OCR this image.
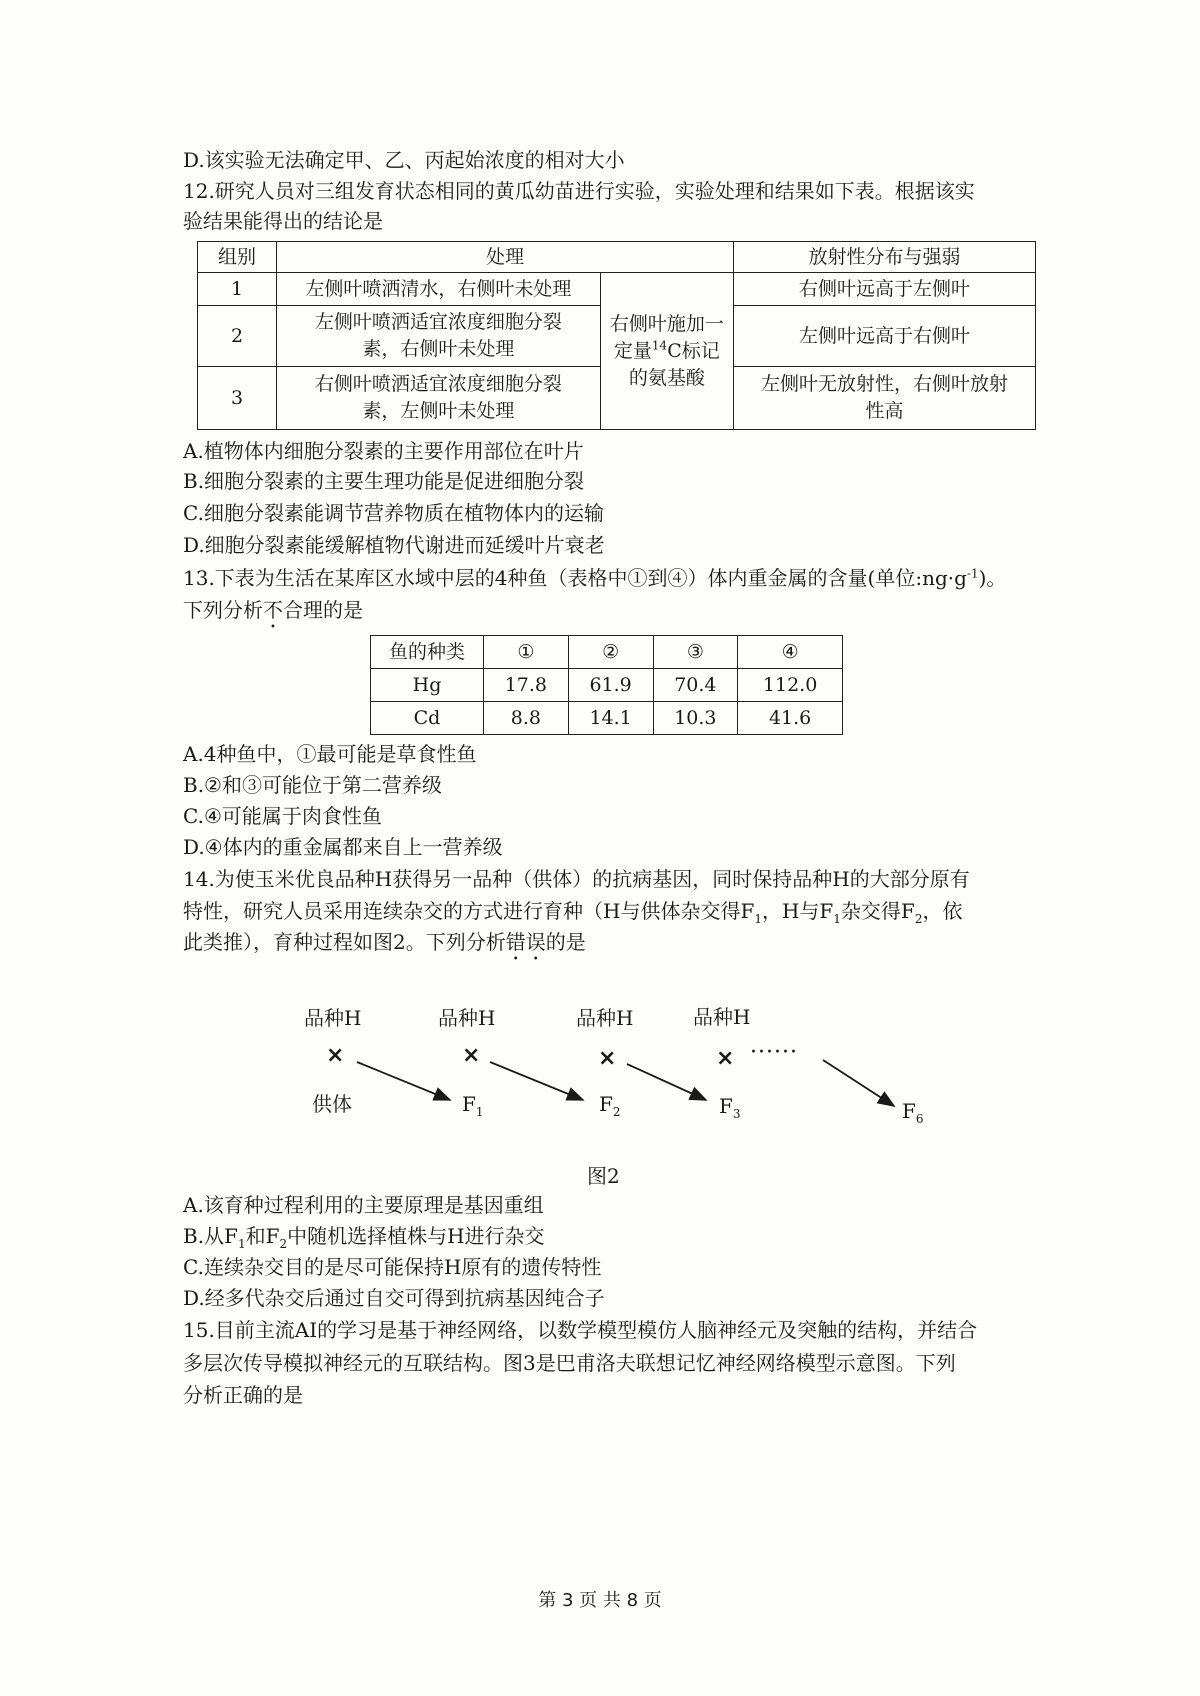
D.该实验无法确定甲、乙、丙起始浓度的相对大小
12.研究人员对三组发育状态相同的黄瓜幼苗进行实验，实验处理和结果如下表。根据该实
验结果能得出的结论是
组别	处理		放射性分布与强弱
1	左侧叶喷洒清水，右侧叶未处理	右侧叶施加一定量$^{14}$C标记的氨基酸	右侧叶远高于左侧叶
2	左侧叶喷洒适宜浓度细胞分裂素，右侧叶未处理		左侧叶远高于右侧叶
3	右侧叶喷洒适宜浓度细胞分裂素，左侧叶未处理		左侧叶无放射性，右侧叶放射性高
A.植物体内细胞分裂素的主要作用部位在叶片
B.细胞分裂素的主要生理功能是促进细胞分裂
C.细胞分裂素能调节营养物质在植物体内的运输
D.细胞分裂素能缓解植物代谢进而延缓叶片衰老
13.下表为生活在某库区水域中层的4种鱼（表格中①到④）体内重金属的含量(单位$:ng\cdot g^{-1}$)。
下列分析不合理的是
鱼的种类	①	②	③	④
Hg	17.8	61.9	70.4	112.0
Cd	8.8	14.1	10.3	41.6
A.4种鱼中，①最可能是草食性鱼
B.②和③可能位于第二营养级
C.④可能属于肉食性鱼
D.④体内的重金属都来自上一营养级
14.为使玉米优良品种H获得另一品种（供体）的抗病基因，同时保持品种H的大部分原有
特性，研究人员采用连续杂交的方式进行育种（H与供体杂交得$F_1$，H与$F_1$杂交得$F_2$，依
此类推），育种过程如图2。下列分析错误的是
品种H	品种H	品种H	品种H
×	×	×	× ······
供体	$F_1$	$F_2$	$F_3$	$F_6$
图2
A.该育种过程利用的主要原理是基因重组
B.从$F_1$和$F_2$中随机选择植株与H进行杂交
C.连续杂交目的是尽可能保持H原有的遗传特性
D.经多代杂交后通过自交可得到抗病基因纯合子
15.目前主流AI的学习是基于神经网络，以数学模型模仿人脑神经元及突触的结构，并结合
多层次传导模拟神经元的互联结构。图3是巴甫洛夫联想记忆神经网络模型示意图。下列
分析正确的是
第 3 页 共 8 页
